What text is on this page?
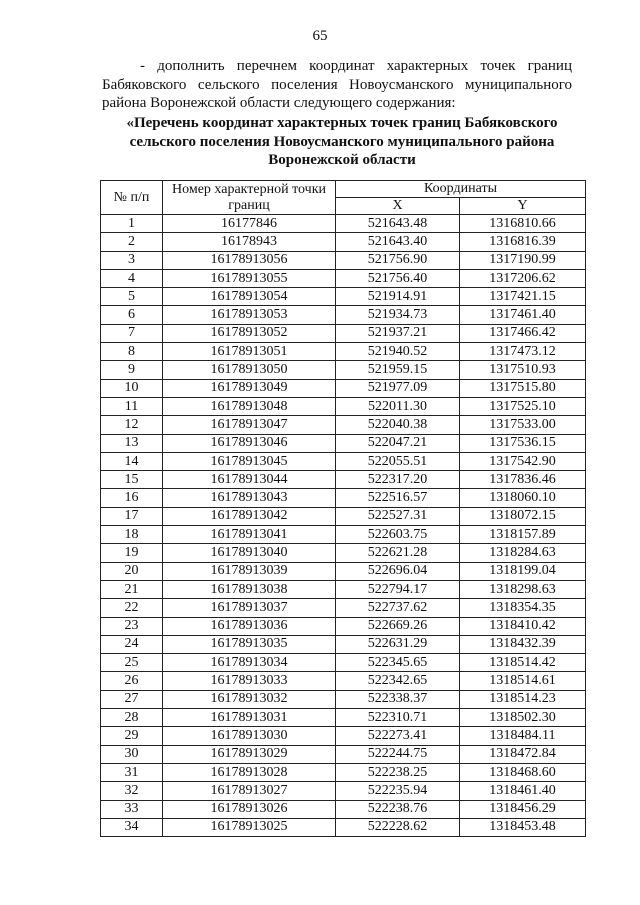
65

- дополнить перечнем координат характерных точек границ Бабяковского сельского поселения Новоусманского муниципального района Воронежской области следующего содержания:

«Перечень координат характерных точек границ Бабяковского сельского поселения Новоусманского муниципального района Воронежской области

№ п/п	Номер характерной точки границ	Координаты	
		X	Y
1	16177846	521643.48	1316810.66
2	16178943	521643.40	1316816.39
3	16178913056	521756.90	1317190.99
4	16178913055	521756.40	1317206.62
5	16178913054	521914.91	1317421.15
6	16178913053	521934.73	1317461.40
7	16178913052	521937.21	1317466.42
8	16178913051	521940.52	1317473.12
9	16178913050	521959.15	1317510.93
10	16178913049	521977.09	1317515.80
11	16178913048	522011.30	1317525.10
12	16178913047	522040.38	1317533.00
13	16178913046	522047.21	1317536.15
14	16178913045	522055.51	1317542.90
15	16178913044	522317.20	1317836.46
16	16178913043	522516.57	1318060.10
17	16178913042	522527.31	1318072.15
18	16178913041	522603.75	1318157.89
19	16178913040	522621.28	1318284.63
20	16178913039	522696.04	1318199.04
21	16178913038	522794.17	1318298.63
22	16178913037	522737.62	1318354.35
23	16178913036	522669.26	1318410.42
24	16178913035	522631.29	1318432.39
25	16178913034	522345.65	1318514.42
26	16178913033	522342.65	1318514.61
27	16178913032	522338.37	1318514.23
28	16178913031	522310.71	1318502.30
29	16178913030	522273.41	1318484.11
30	16178913029	522244.75	1318472.84
31	16178913028	522238.25	1318468.60
32	16178913027	522235.94	1318461.40
33	16178913026	522238.76	1318456.29
34	16178913025	522228.62	1318453.48
